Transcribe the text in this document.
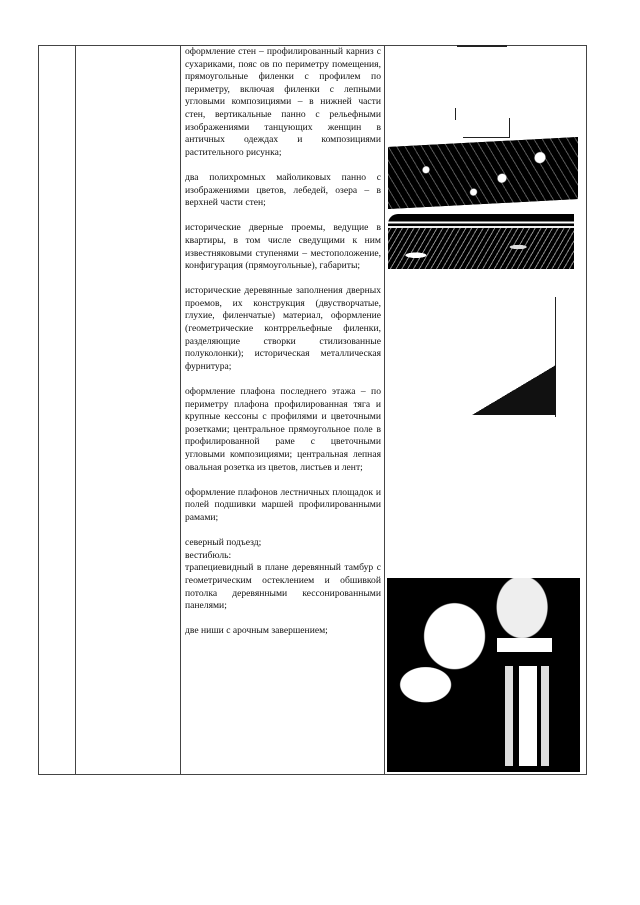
оформление стен – профилированный карниз с сухариками, пояс ов по периметру помещения, прямоугольные филенки с профилем по периметру, включая филенки с лепными угловыми композициями – в нижней части стен, вертикальные панно с рельефными изображениями танцующих женщин в античных одеждах и композициями растительного рисунка;

два полихромных майоликовых панно с изображениями цветов, лебедей, озера – в верхней части стен;

исторические дверные проемы, ведущие в квартиры, в том числе сведущими к ним известняковыми ступенями – местоположение, конфигурация (прямоугольные), габариты;

исторические деревянные заполнения дверных проемов, их конструкция (двустворчатые, глухие, филенчатые) материал, оформление (геометрические контррельефные филенки, разделяющие створки стилизованные полуколонки); историческая металлическая фурнитура;

оформление плафона последнего этажа – по периметру плафона профилированная тяга и крупные кессоны с профилями и цветочными розетками; центральное прямоугольное поле в профилированной раме с цветочными угловыми композициями; центральная лепная овальная розетка из цветов, листьев и лент;

оформление плафонов лестничных площадок и полей подшивки маршей профилированными рамами;

северный подъезд;

вестибюль:

трапециевидный в плане деревянный тамбур с геометрическим остеклением и обшивкой потолка деревянными кессонированными панелями;

две ниши с арочным завершением;
